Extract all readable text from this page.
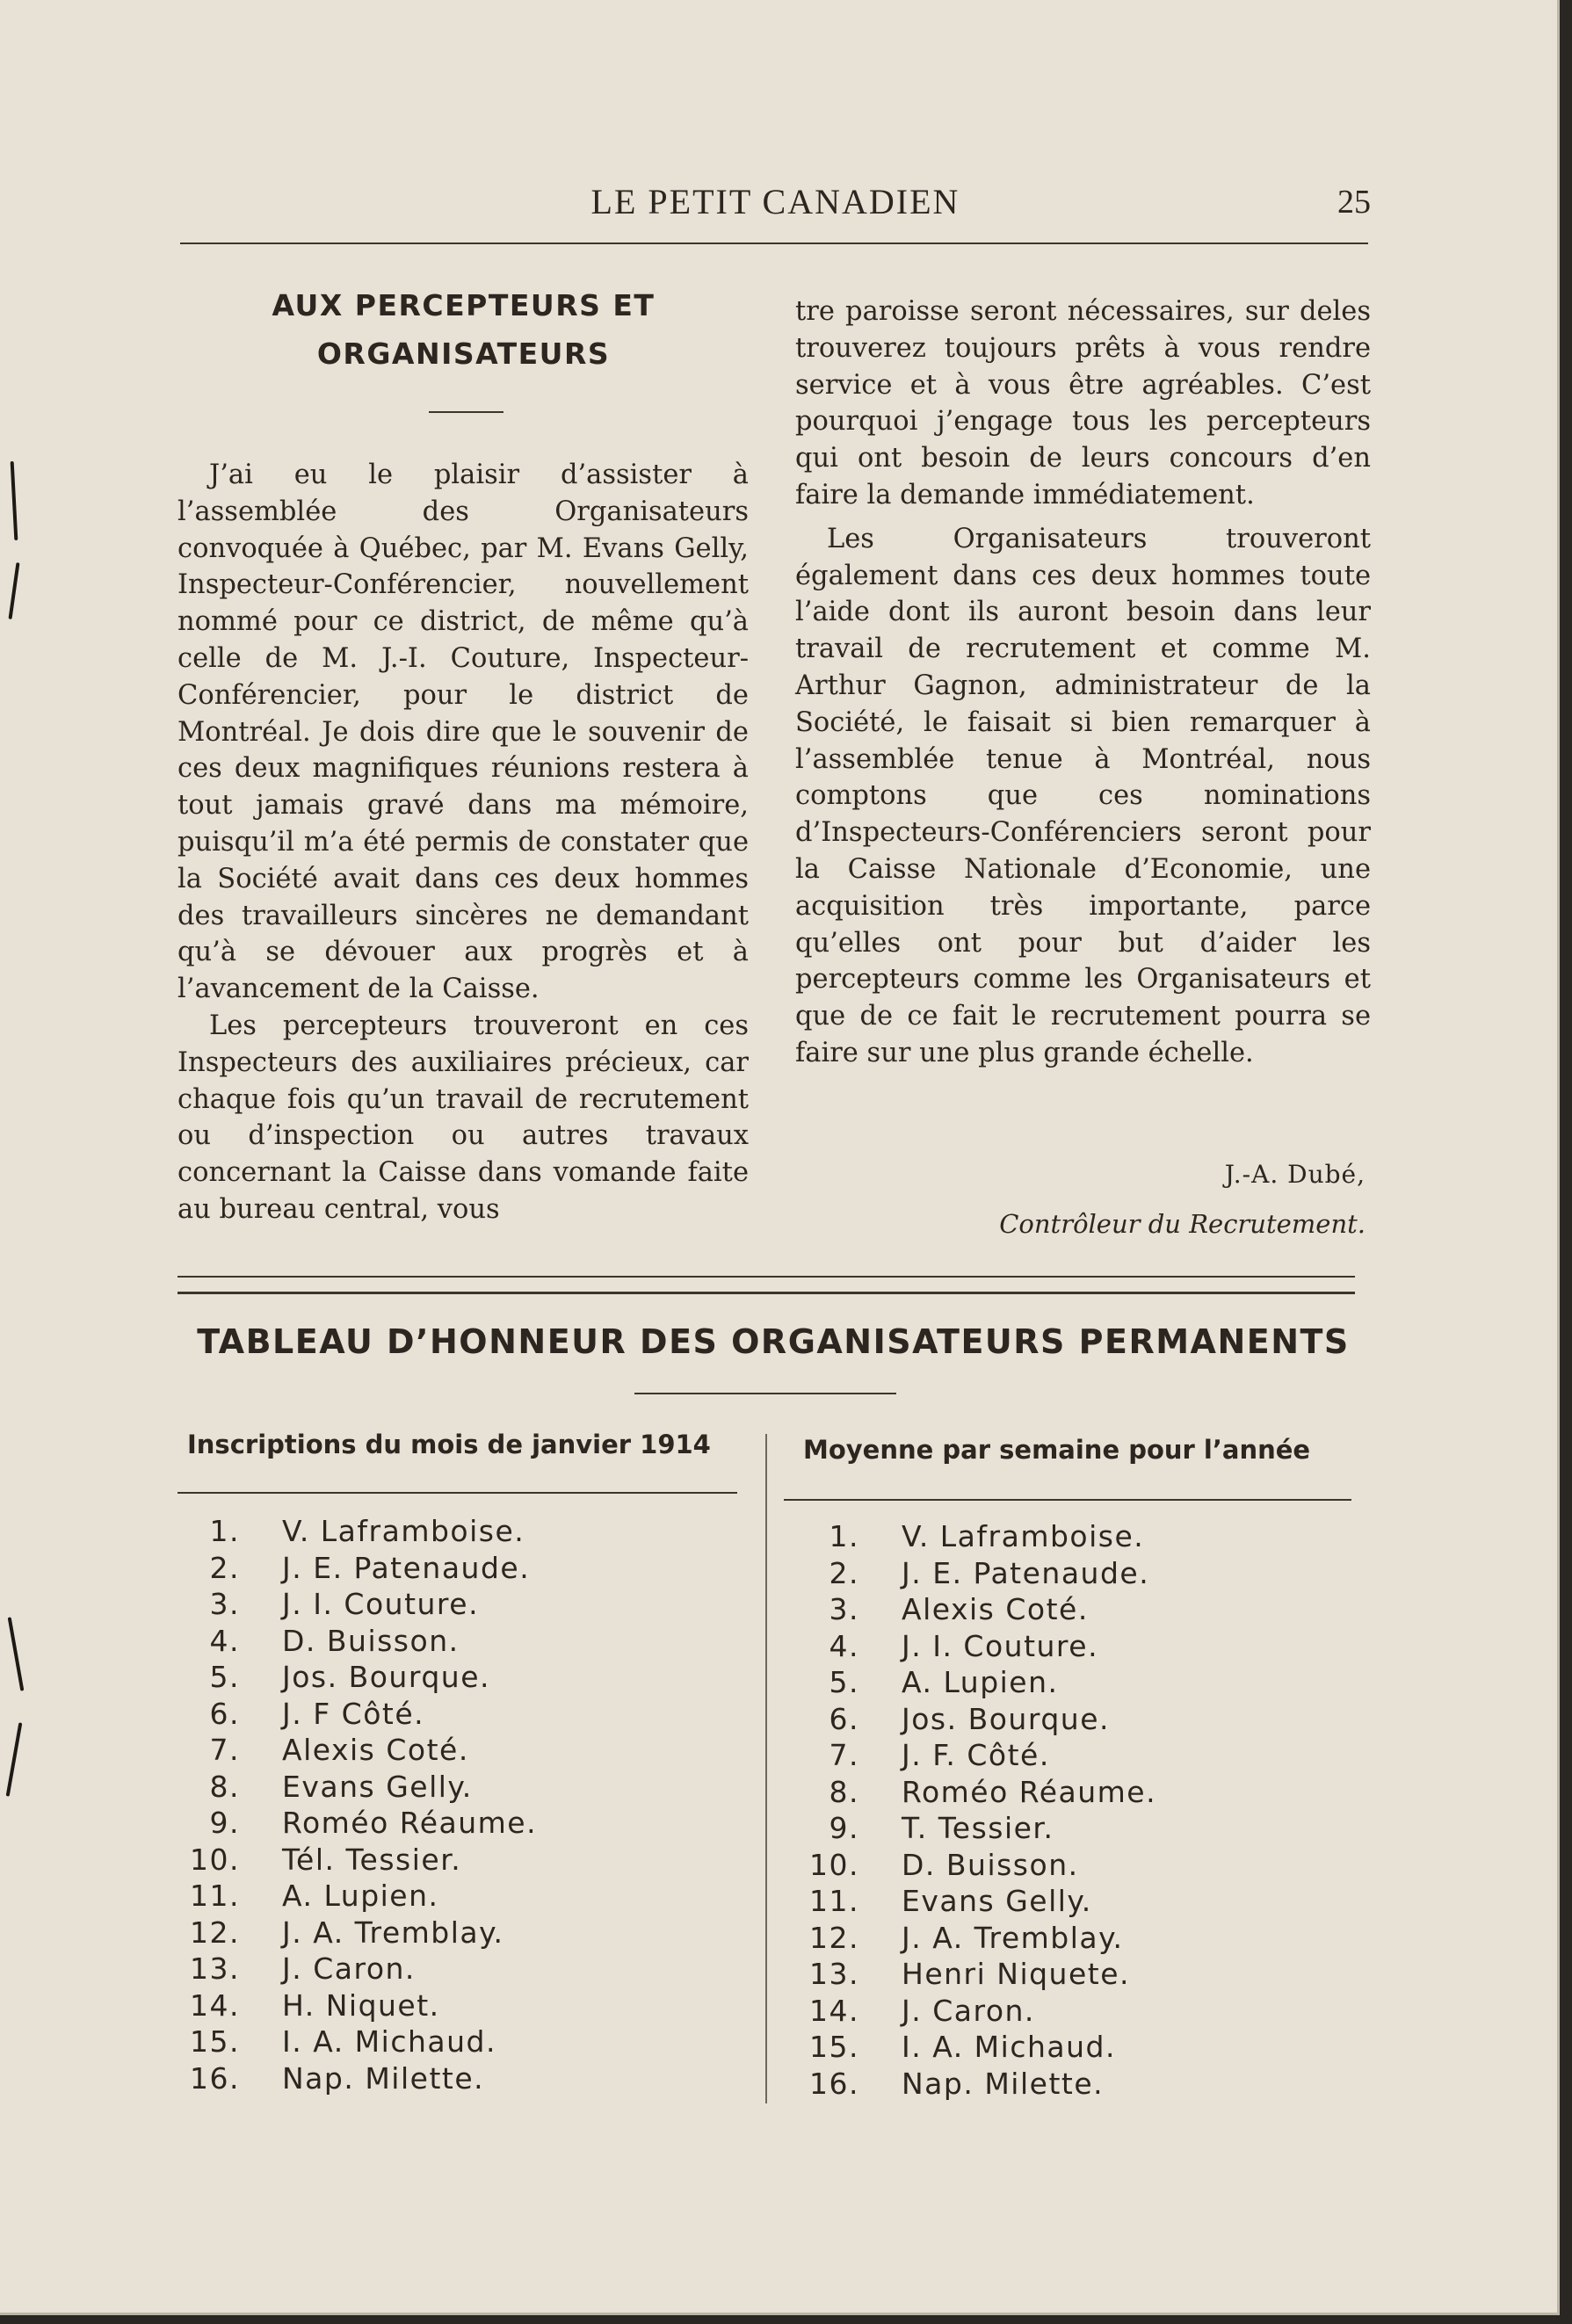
LE PETIT CANADIEN	25
AUX PERCEPTEURS ET
ORGANISATEURS

J’ai eu le plaisir d’assister à l’assemblée des Organisateurs convoquée à Québec, par M. Evans Gelly, Inspecteur-Conférencier, nouvellement nommé pour ce district, de même qu’à celle de M. J.-I. Couture, Inspecteur-Conférencier, pour le district de Montréal. Je dois dire que le souvenir de ces deux magnifiques réunions restera à tout jamais gravé dans ma mémoire, puisqu’il m’a été permis de constater que la Société avait dans ces deux hommes des travailleurs sincères ne demandant qu’à se dévouer aux progrès et à l’avancement de la Caisse.

Les percepteurs trouveront en ces Inspecteurs des auxiliaires précieux, car chaque fois qu’un travail de recrutement ou d’inspection ou autres travaux concernant la Caisse dans vomande faite au bureau central, vous

tre paroisse seront nécessaires, sur deles trouverez toujours prêts à vous rendre service et à vous être agréables. C’est pourquoi j’engage tous les percepteurs qui ont besoin de leurs concours d’en faire la demande immédiatement.

Les Organisateurs trouveront également dans ces deux hommes toute l’aide dont ils auront besoin dans leur travail de recrutement et comme M. Arthur Gagnon, administrateur de la Société, le faisait si bien remarquer à l’assemblée tenue à Montréal, nous comptons que ces nominations d’Inspecteurs-Conférenciers seront pour la Caisse Nationale d’Economie, une acquisition très importante, parce qu’elles ont pour but d’aider les percepteurs comme les Organisateurs et que de ce fait le recrutement pourra se faire sur une plus grande échelle.

J.-A. Dubé,
Contrôleur du Recrutement.
TABLEAU D’HONNEUR DES ORGANISATEURS PERMANENTS
Inscriptions du mois de janvier 1914	Moyenne par semaine pour l’année
1. V. Laframboise.
2. J. E. Patenaude.
3. J. I. Couture.
4. D. Buisson.
5. Jos. Bourque.
6. J. F Côté.
7. Alexis Coté.
8. Evans Gelly.
9. Roméo Réaume.
10. Tél. Tessier.
11. A. Lupien.
12. J. A. Tremblay.
13. J. Caron.
14. H. Niquet.
15. I. A. Michaud.
16. Nap. Milette.
1. V. Laframboise.
2. J. E. Patenaude.
3. Alexis Coté.
4. J. I. Couture.
5. A. Lupien.
6. Jos. Bourque.
7. J. F. Côté.
8. Roméo Réaume.
9. T. Tessier.
10. D. Buisson.
11. Evans Gelly.
12. J. A. Tremblay.
13. Henri Niquete.
14. J. Caron.
15. I. A. Michaud.
16. Nap. Milette.
